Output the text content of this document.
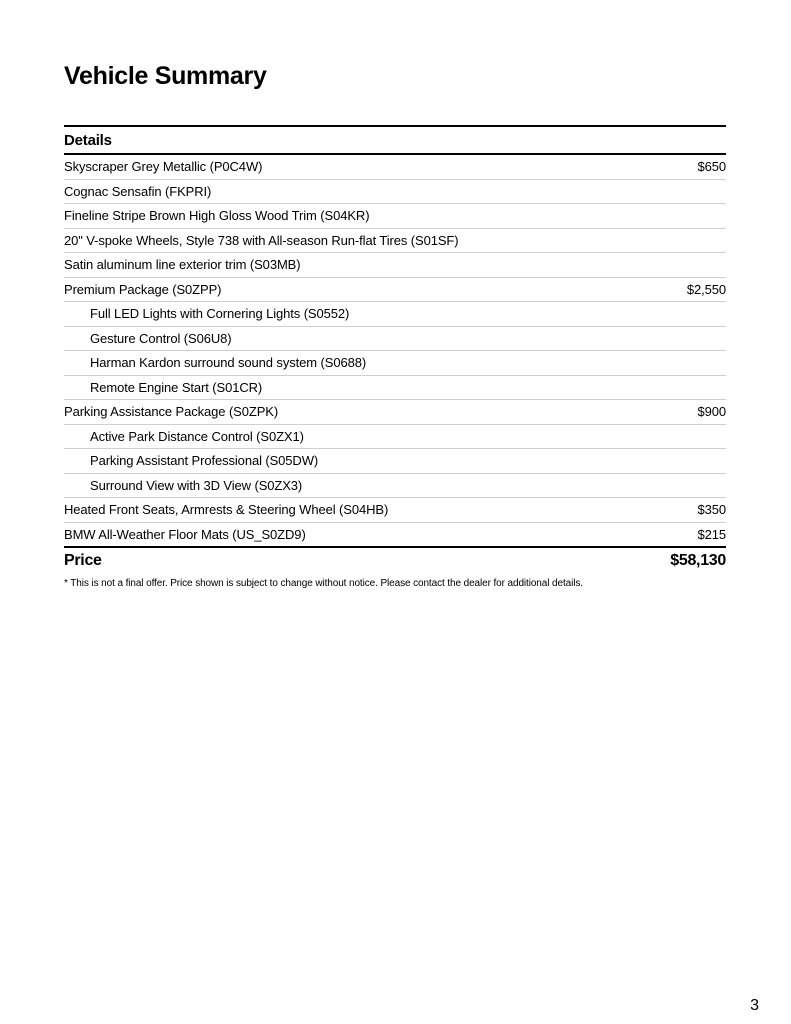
Vehicle Summary
Details
Skyscraper Grey Metallic (P0C4W)	$650
Cognac Sensafin (FKPRI)
Fineline Stripe Brown High Gloss Wood Trim (S04KR)
20" V-spoke Wheels, Style 738 with All-season Run-flat Tires (S01SF)
Satin aluminum line exterior trim (S03MB)
Premium Package (S0ZPP)	$2,550
Full LED Lights with Cornering Lights (S0552)
Gesture Control (S06U8)
Harman Kardon surround sound system (S0688)
Remote Engine Start (S01CR)
Parking Assistance Package (S0ZPK)	$900
Active Park Distance Control (S0ZX1)
Parking Assistant Professional (S05DW)
Surround View with 3D View (S0ZX3)
Heated Front Seats, Armrests & Steering Wheel (S04HB)	$350
BMW All-Weather Floor Mats (US_S0ZD9)	$215
Price	$58,130
* This is not a final offer. Price shown is subject to change without notice. Please contact the dealer for additional details.
3
